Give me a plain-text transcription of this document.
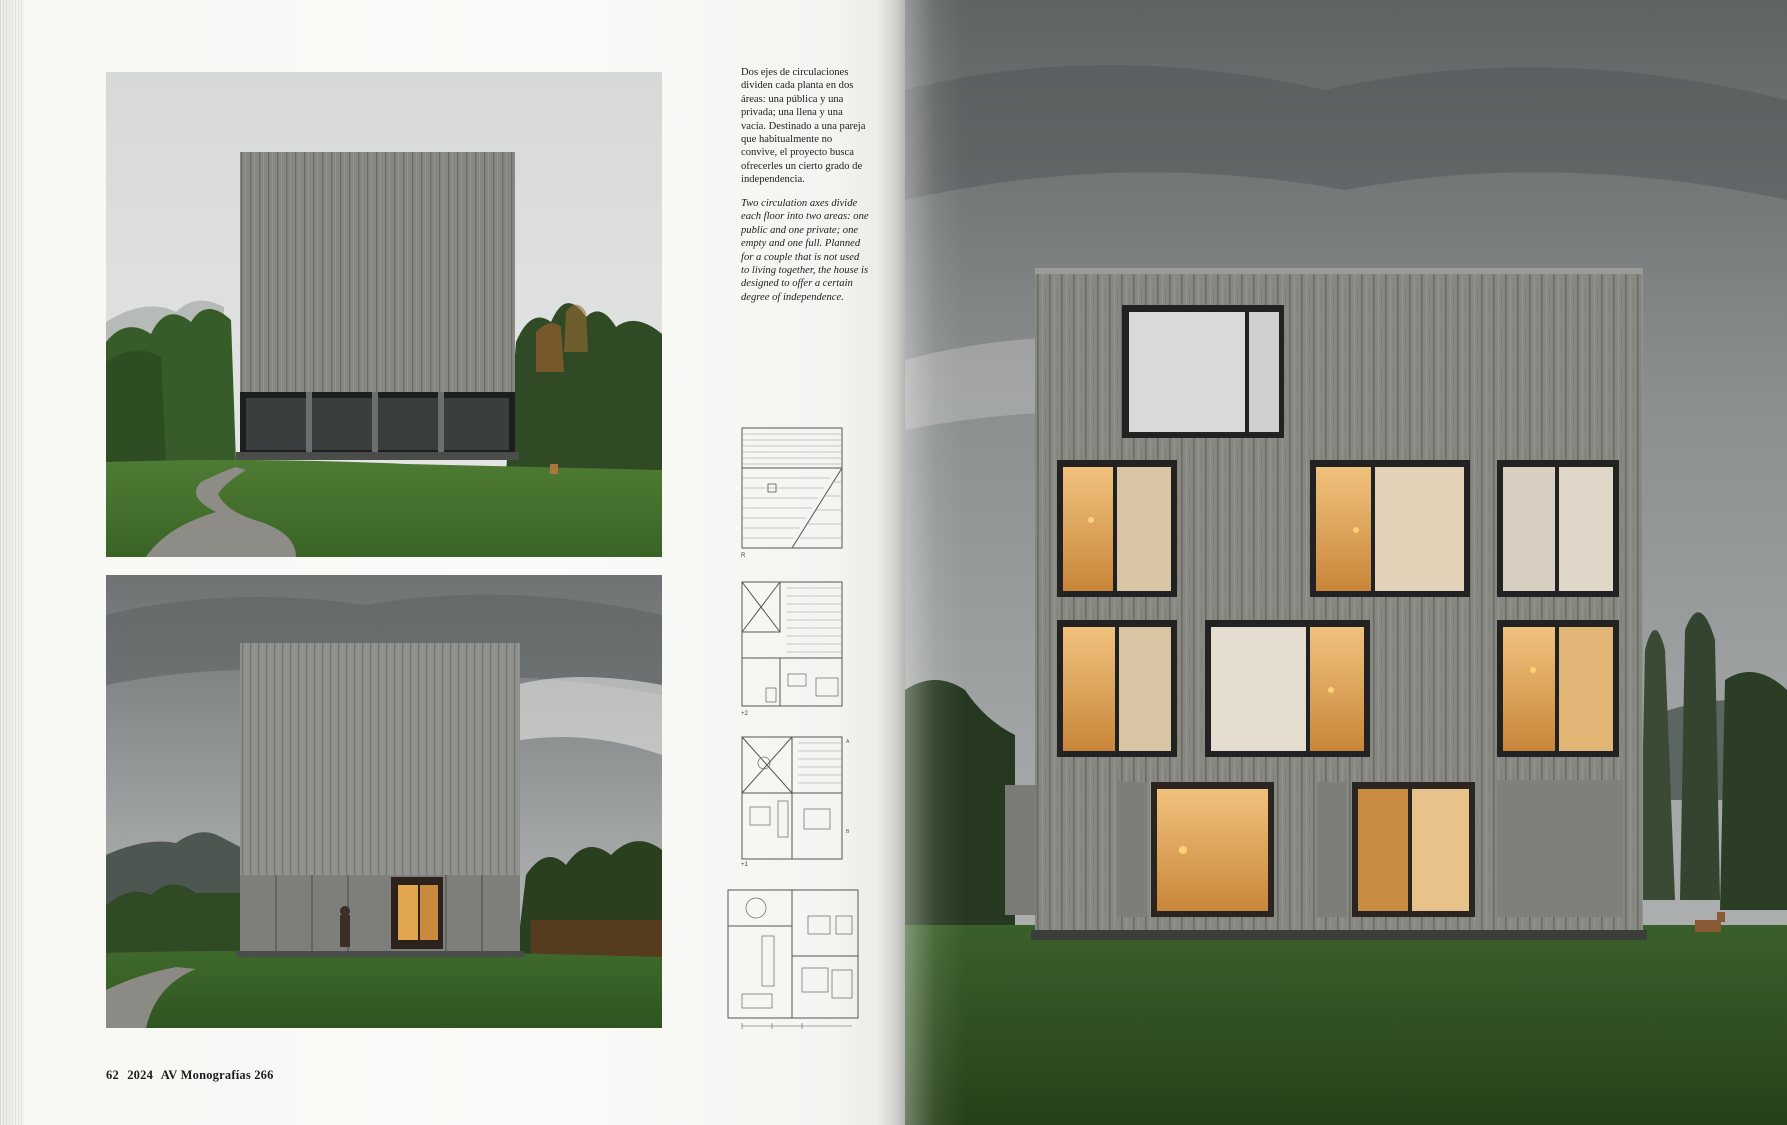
Dos ejes de circulaciones dividen cada planta en dos áreas: una pública y una privada; una llena y una vacía. Destinado a una pareja que habitualmente no convive, el proyecto busca ofrecerles un cierto grado de independencia.

Two circulation axes divide each floor into two areas: one public and one private; one empty and one full. Planned for a couple that is not used to living together, the house is designed to offer a certain degree of independence.

R
+2
A
B
+1
62 2024 AV Monografías 266
